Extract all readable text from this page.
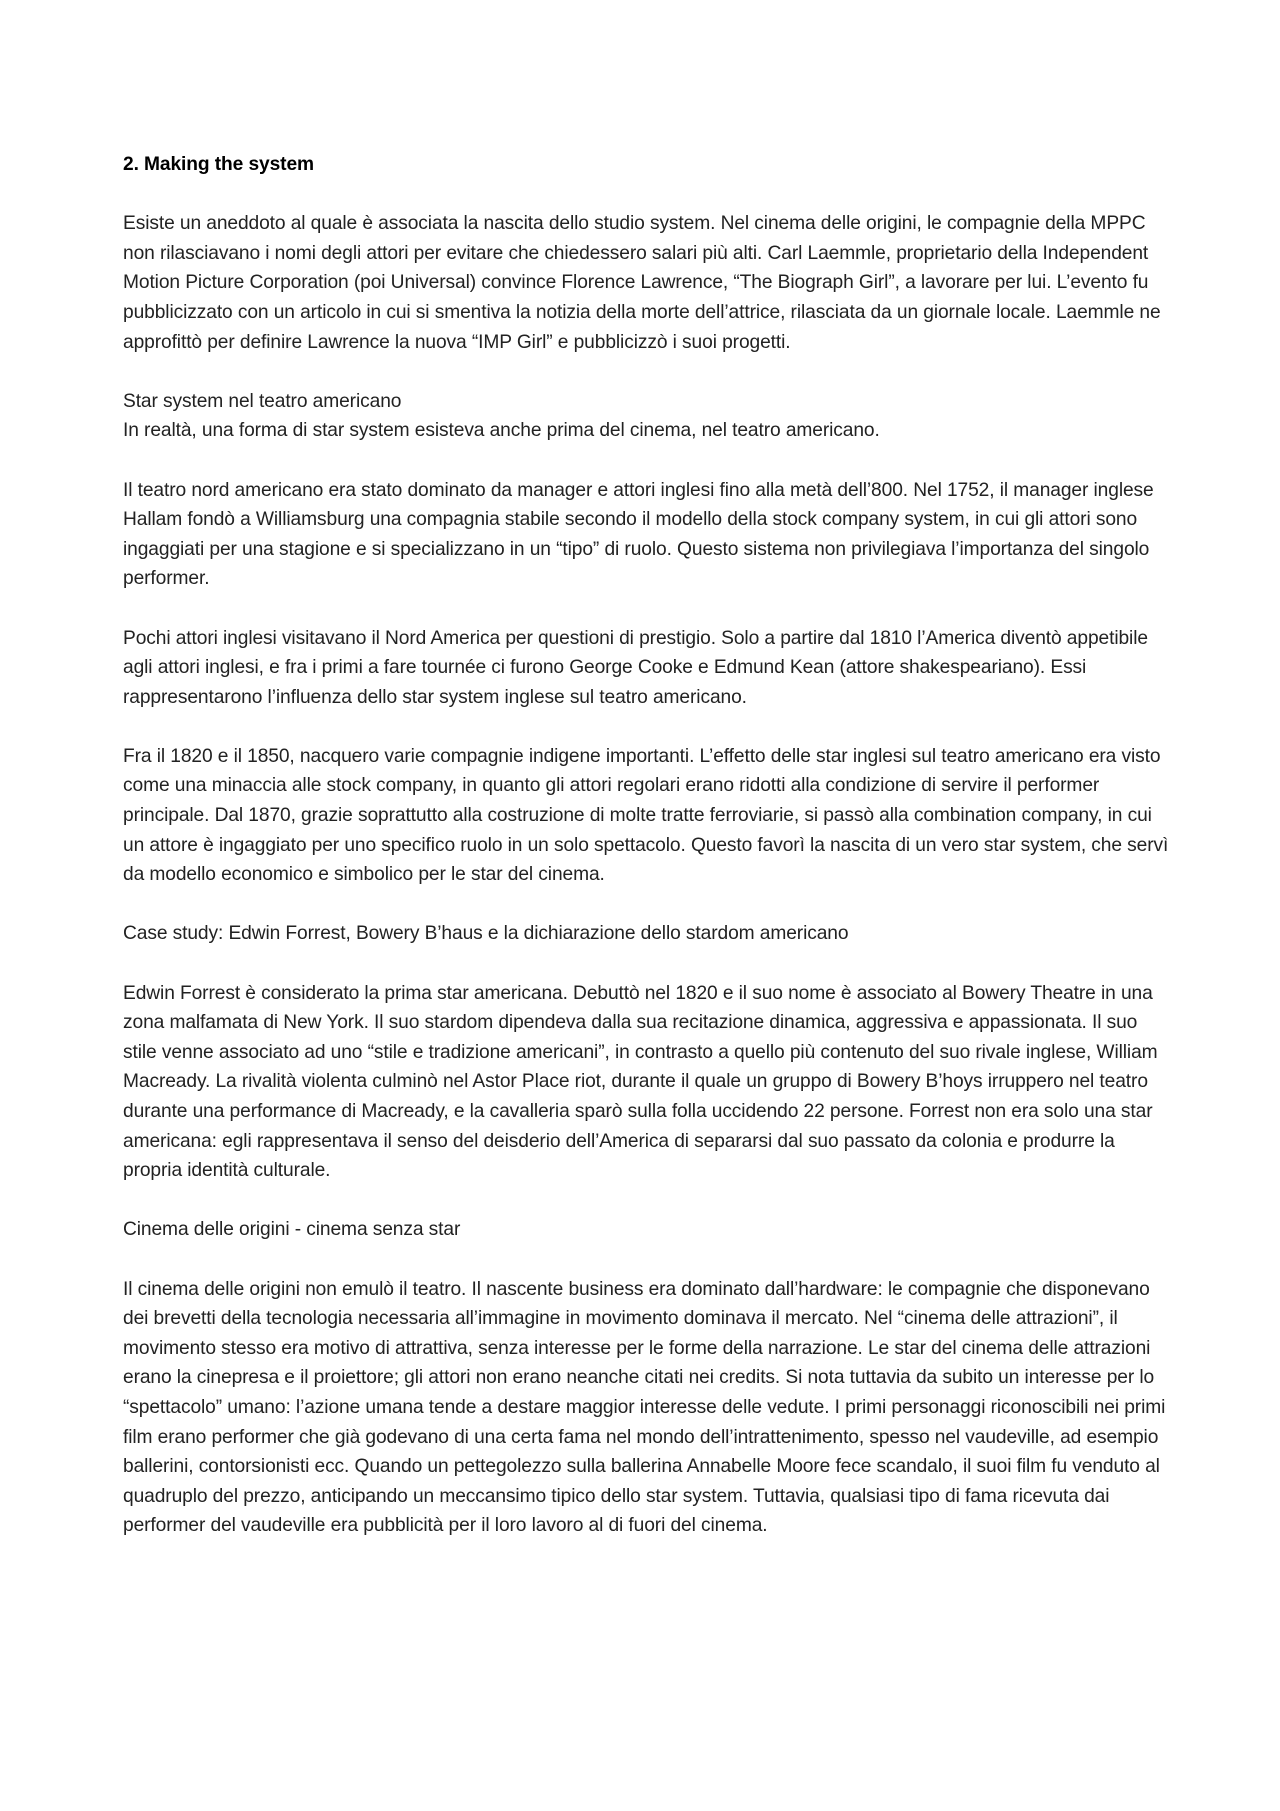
2. Making the system

Esiste un aneddoto al quale è associata la nascita dello studio system. Nel cinema delle origini, le compagnie della MPPC non rilasciavano i nomi degli attori per evitare che chiedessero salari più alti. Carl Laemmle, proprietario della Independent Motion Picture Corporation (poi Universal) convince Florence Lawrence, “The Biograph Girl”, a lavorare per lui. L’evento fu pubblicizzato con un articolo in cui si smentiva la notizia della morte dell’attrice, rilasciata da un giornale locale. Laemmle ne approfittò per definire Lawrence la nuova “IMP Girl” e pubblicizzò i suoi progetti.

Star system nel teatro americano

In realtà, una forma di star system esisteva anche prima del cinema, nel teatro americano.

Il teatro nord americano era stato dominato da manager e attori inglesi fino alla metà dell’800. Nel 1752, il manager inglese Hallam fondò a Williamsburg una compagnia stabile secondo il modello della stock company system, in cui gli attori sono ingaggiati per una stagione e si specializzano in un “tipo” di ruolo. Questo sistema non privilegiava l’importanza del singolo performer.

Pochi attori inglesi visitavano il Nord America per questioni di prestigio. Solo a partire dal 1810 l’America diventò appetibile agli attori inglesi, e fra i primi a fare tournée ci furono George Cooke e Edmund Kean (attore shakespeariano). Essi rappresentarono l’influenza dello star system inglese sul teatro americano.

Fra il 1820 e il 1850, nacquero varie compagnie indigene importanti. L’effetto delle star inglesi sul teatro americano era visto come una minaccia alle stock company, in quanto gli attori regolari erano ridotti alla condizione di servire il performer principale. Dal 1870, grazie soprattutto alla costruzione di molte tratte ferroviarie, si passò alla combination company, in cui un attore è ingaggiato per uno specifico ruolo in un solo spettacolo. Questo favorì la nascita di un vero star system, che servì da modello economico e simbolico per le star del cinema.

Case study: Edwin Forrest, Bowery B’haus e la dichiarazione dello stardom americano

Edwin Forrest è considerato la prima star americana. Debuttò nel 1820 e il suo nome è associato al Bowery Theatre in una zona malfamata di New York. Il suo stardom dipendeva dalla sua recitazione dinamica, aggressiva e appassionata. Il suo stile venne associato ad uno “stile e tradizione americani”, in contrasto a quello più contenuto del suo rivale inglese, William Macready. La rivalità violenta culminò nel Astor Place riot, durante il quale un gruppo di Bowery B’hoys irruppero nel teatro durante una performance di Macready, e la cavalleria sparò sulla folla uccidendo 22 persone. Forrest non era solo una star americana: egli rappresentava il senso del deisderio dell’America di separarsi dal suo passato da colonia e produrre la propria identità culturale.

Cinema delle origini - cinema senza star

Il cinema delle origini non emulò il teatro. Il nascente business era dominato dall’hardware: le compagnie che disponevano dei brevetti della tecnologia necessaria all’immagine in movimento dominava il mercato. Nel “cinema delle attrazioni”, il movimento stesso era motivo di attrattiva, senza interesse per le forme della narrazione. Le star del cinema delle attrazioni erano la cinepresa e il proiettore; gli attori non erano neanche citati nei credits. Si nota tuttavia da subito un interesse per lo “spettacolo” umano: l’azione umana tende a destare maggior interesse delle vedute. I primi personaggi riconoscibili nei primi film erano performer che già godevano di una certa fama nel mondo dell’intrattenimento, spesso nel vaudeville, ad esempio ballerini, contorsionisti ecc. Quando un pettegolezzo sulla ballerina Annabelle Moore fece scandalo, il suoi film fu venduto al quadruplo del prezzo, anticipando un meccansimo tipico dello star system. Tuttavia, qualsiasi tipo di fama ricevuta dai performer del vaudeville era pubblicità per il loro lavoro al di fuori del cinema.
